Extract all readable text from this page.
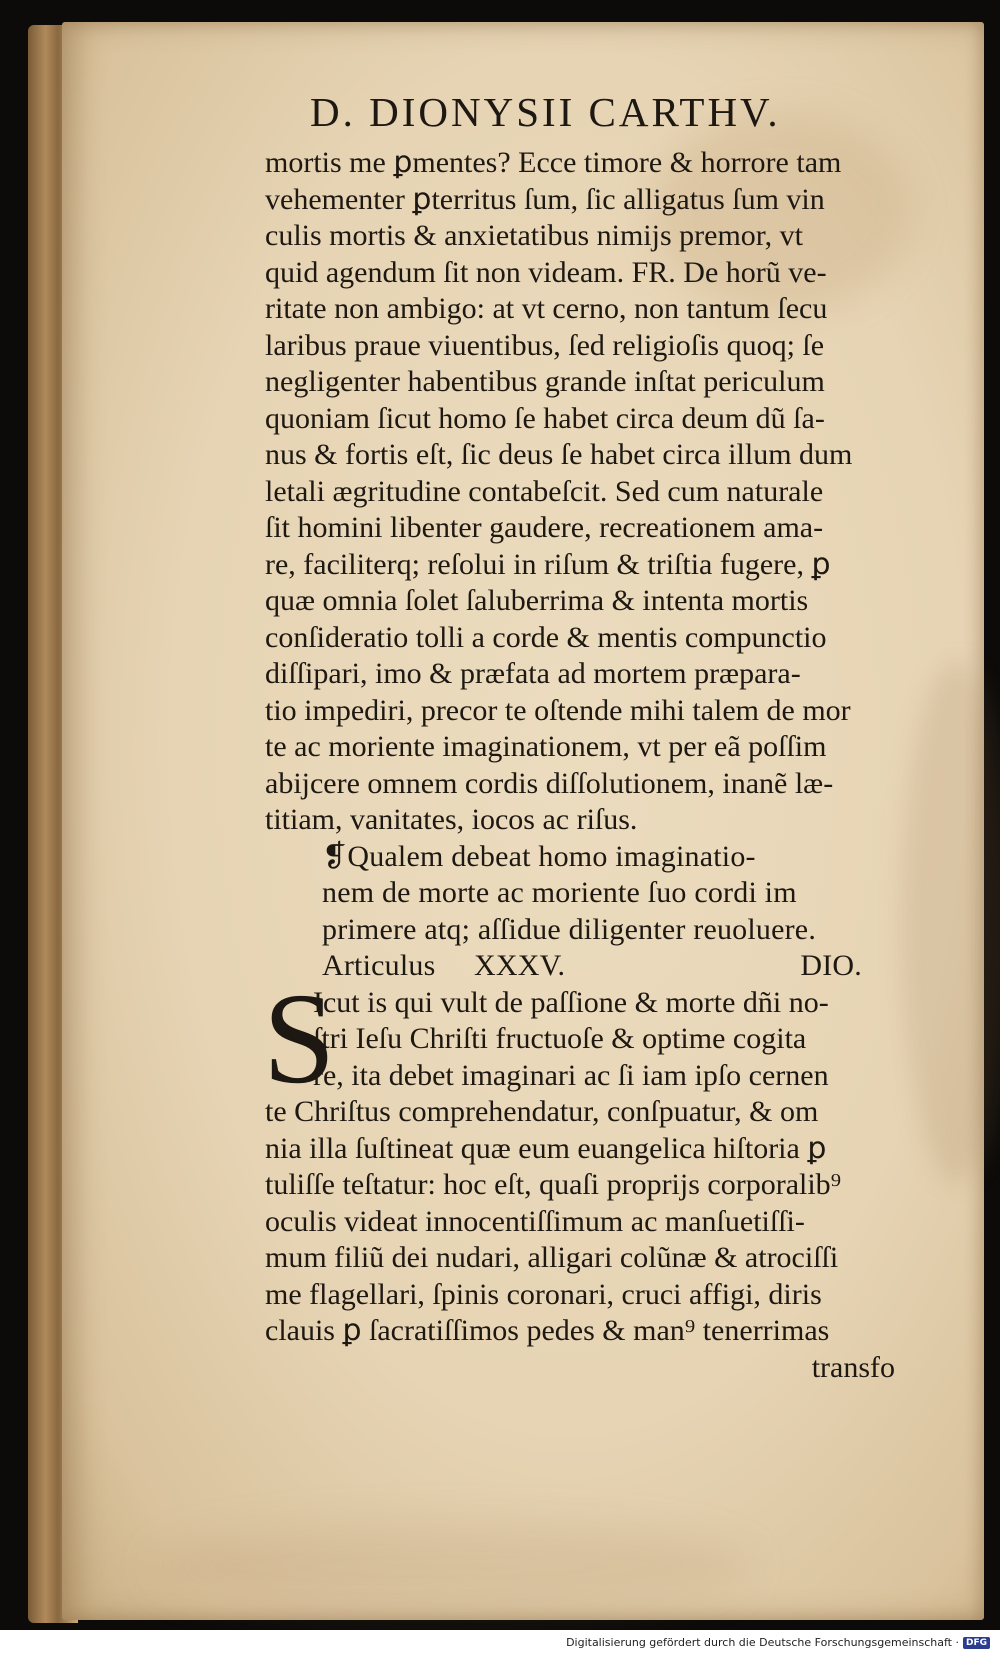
D. DIONYSII CARTHV.
mortis me ꝑmentes? Ecce timore & horrore tam
vehementer ꝑterritus ſum, ſic alligatus ſum vin
culis mortis & anxietatibus nimijs premor, vt
quid agendum ſit non videam. FR. De horũ ve-
ritate non ambigo: at vt cerno, non tantum ſecu
laribus praue viuentibus, ſed religioſis quoq; ſe
negligenter habentibus grande inſtat periculum
quoniam ſicut homo ſe habet circa deum dũ ſa-
nus & fortis eſt, ſic deus ſe habet circa illum dum
letali ægritudine contabeſcit. Sed cum naturale
ſit homini libenter gaudere, recreationem ama-
re, faciliterq; reſolui in riſum & triſtia fugere, ꝑ
quæ omnia ſolet ſaluberrima & intenta mortis
conſideratio tolli a corde & mentis compunctio
diſſipari, imo & præfata ad mortem præpara-
tio impediri, precor te oſtende mihi talem de mor
te ac moriente imaginationem, vt per eã poſſim
abijcere omnem cordis diſſolutionem, inanẽ læ-
titiam, vanitates, iocos ac riſus.
❡Qualem debeat homo imaginatio-
nem de morte ac moriente ſuo cordi im
primere atq; aſſidue diligenter reuoluere.
Articulus XXXV.	DIO.
S
Icut is qui vult de paſſione & morte dñi no-
ſtri Ieſu Chriſti fructuoſe & optime cogita
re, ita debet imaginari ac ſi iam ipſo cernen
te Chriſtus comprehendatur, conſpuatur, & om
nia illa ſuſtineat quæ eum euangelica hiſtoria ꝑ
tuliſſe teſtatur: hoc eſt, quaſi proprijs corporalib⁹
oculis videat innocentiſſimum ac manſuetiſſi-
mum filiũ dei nudari, alligari colũnæ & atrociſſi
me flagellari, ſpinis coronari, cruci affigi, diris
clauis ꝑ ſacratiſſimos pedes & man⁹ tenerrimas
transfo
Digitalisierung gefördert durch die Deutsche Forschungsgemeinschaft · DFG
